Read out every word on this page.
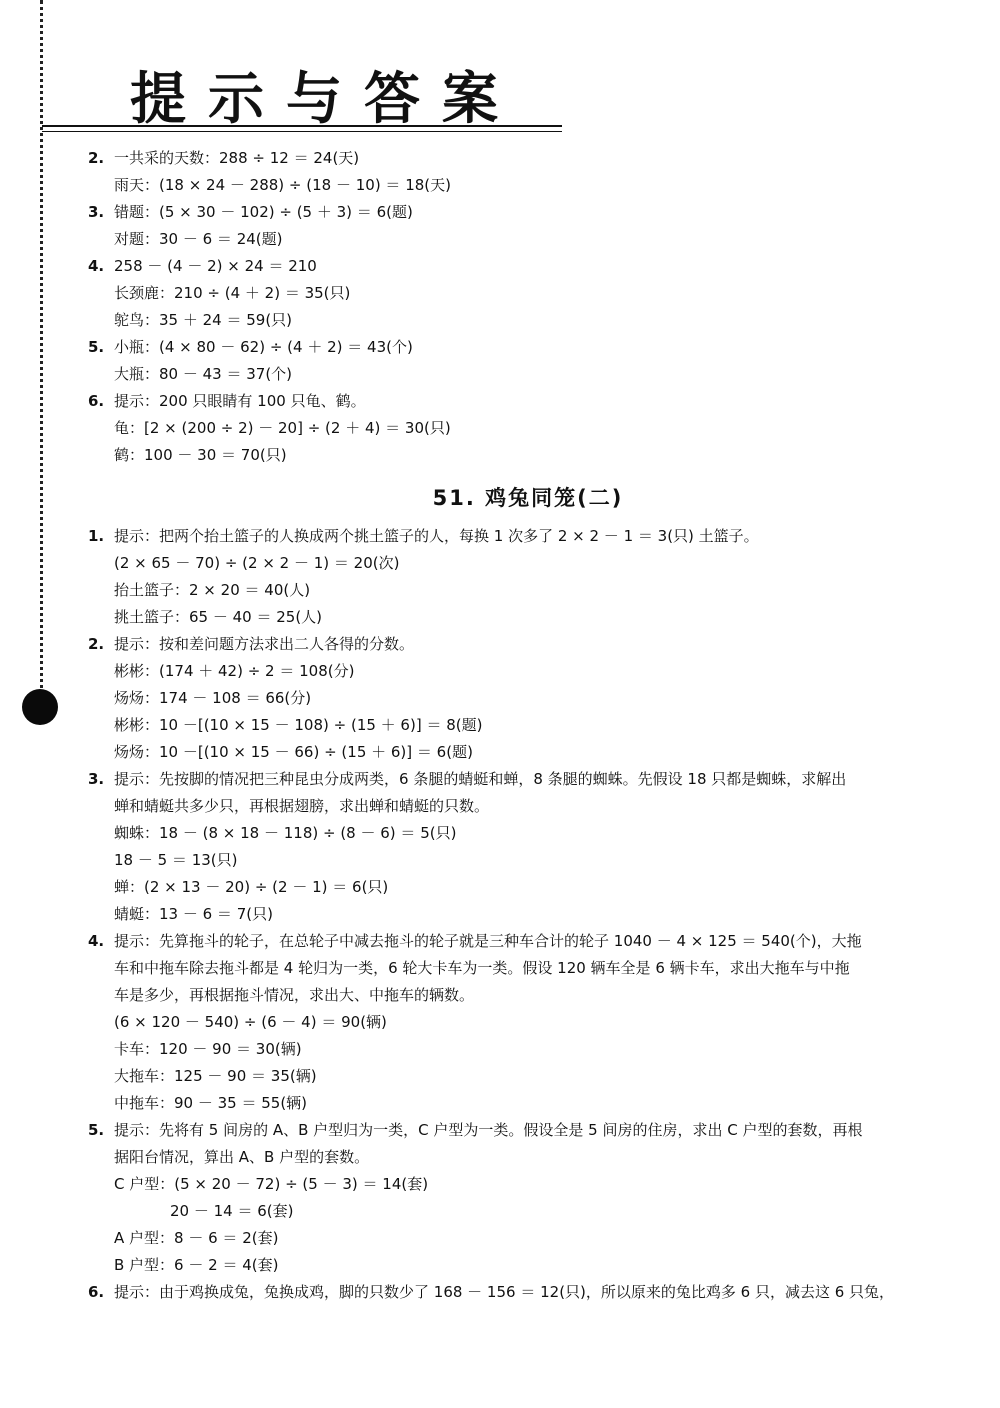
提示与答案
2. 一共采的天数：288 ÷ 12 ＝ 24(天)
雨天：(18 × 24 － 288) ÷ (18 － 10) ＝ 18(天)
3. 错题：(5 × 30 － 102) ÷ (5 ＋ 3) ＝ 6(题)
对题：30 － 6 ＝ 24(题)
4. 258 － (4 － 2) × 24 ＝ 210
长颈鹿：210 ÷ (4 ＋ 2) ＝ 35(只)
鸵鸟：35 ＋ 24 ＝ 59(只)
5. 小瓶：(4 × 80 － 62) ÷ (4 ＋ 2) ＝ 43(个)
大瓶：80 － 43 ＝ 37(个)
6. 提示：200 只眼睛有 100 只龟、鹤。
龟：[2 × (200 ÷ 2) － 20] ÷ (2 ＋ 4) ＝ 30(只)
鹤：100 － 30 ＝ 70(只)
51. 鸡兔同笼(二)
1. 提示：把两个抬土篮子的人换成两个挑土篮子的人，每换 1 次多了 2 × 2 － 1 ＝ 3(只) 土篮子。
(2 × 65 － 70) ÷ (2 × 2 － 1) ＝ 20(次)
抬土篮子：2 × 20 ＝ 40(人)
挑土篮子：65 － 40 ＝ 25(人)
2. 提示：按和差问题方法求出二人各得的分数。
彬彬：(174 ＋ 42) ÷ 2 ＝ 108(分)
炀炀：174 － 108 ＝ 66(分)
彬彬：10 －[(10 × 15 － 108) ÷ (15 ＋ 6)] ＝ 8(题)
炀炀：10 －[(10 × 15 － 66) ÷ (15 ＋ 6)] ＝ 6(题)
3. 提示：先按脚的情况把三种昆虫分成两类，6 条腿的蜻蜓和蝉，8 条腿的蜘蛛。先假设 18 只都是蜘蛛，求解出
蝉和蜻蜓共多少只，再根据翅膀，求出蝉和蜻蜓的只数。
蜘蛛：18 － (8 × 18 － 118) ÷ (8 － 6) ＝ 5(只)
18 － 5 ＝ 13(只)
蝉：(2 × 13 － 20) ÷ (2 － 1) ＝ 6(只)
蜻蜓：13 － 6 ＝ 7(只)
4. 提示：先算拖斗的轮子，在总轮子中减去拖斗的轮子就是三种车合计的轮子 1040 － 4 × 125 ＝ 540(个)，大拖
车和中拖车除去拖斗都是 4 轮归为一类，6 轮大卡车为一类。假设 120 辆车全是 6 辆卡车，求出大拖车与中拖
车是多少，再根据拖斗情况，求出大、中拖车的辆数。
(6 × 120 － 540) ÷ (6 － 4) ＝ 90(辆)
卡车：120 － 90 ＝ 30(辆)
大拖车：125 － 90 ＝ 35(辆)
中拖车：90 － 35 ＝ 55(辆)
5. 提示：先将有 5 间房的 A、B 户型归为一类，C 户型为一类。假设全是 5 间房的住房，求出 C 户型的套数，再根
据阳台情况，算出 A、B 户型的套数。
C 户型：(5 × 20 － 72) ÷ (5 － 3) ＝ 14(套)
20 － 14 ＝ 6(套)
A 户型：8 － 6 ＝ 2(套)
B 户型：6 － 2 ＝ 4(套)
6. 提示：由于鸡换成兔，兔换成鸡，脚的只数少了 168 － 156 ＝ 12(只)，所以原来的兔比鸡多 6 只，减去这 6 只兔，
